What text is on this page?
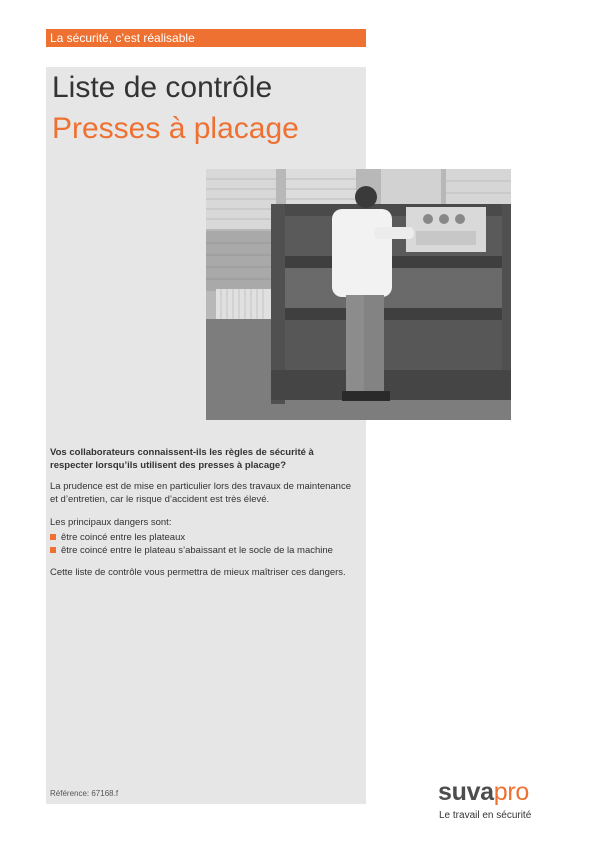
La sécurité, c’est réalisable
Liste de contrôle
Presses à placage
Vos collaborateurs connaissent-ils les règles de sécurité à respecter lorsqu’ils utilisent des presses à placage?
La prudence est de mise en particulier lors des travaux de maintenance et d’entretien, car le risque d’accident est très élevé.
Les principaux dangers sont:
être coincé entre les plateaux
être coincé entre le plateau s’abaissant et le socle de la machine
Cette liste de contrôle vous permettra de mieux maîtriser ces dangers.
Référence: 67168.f	suvapro
Le travail en sécurité
